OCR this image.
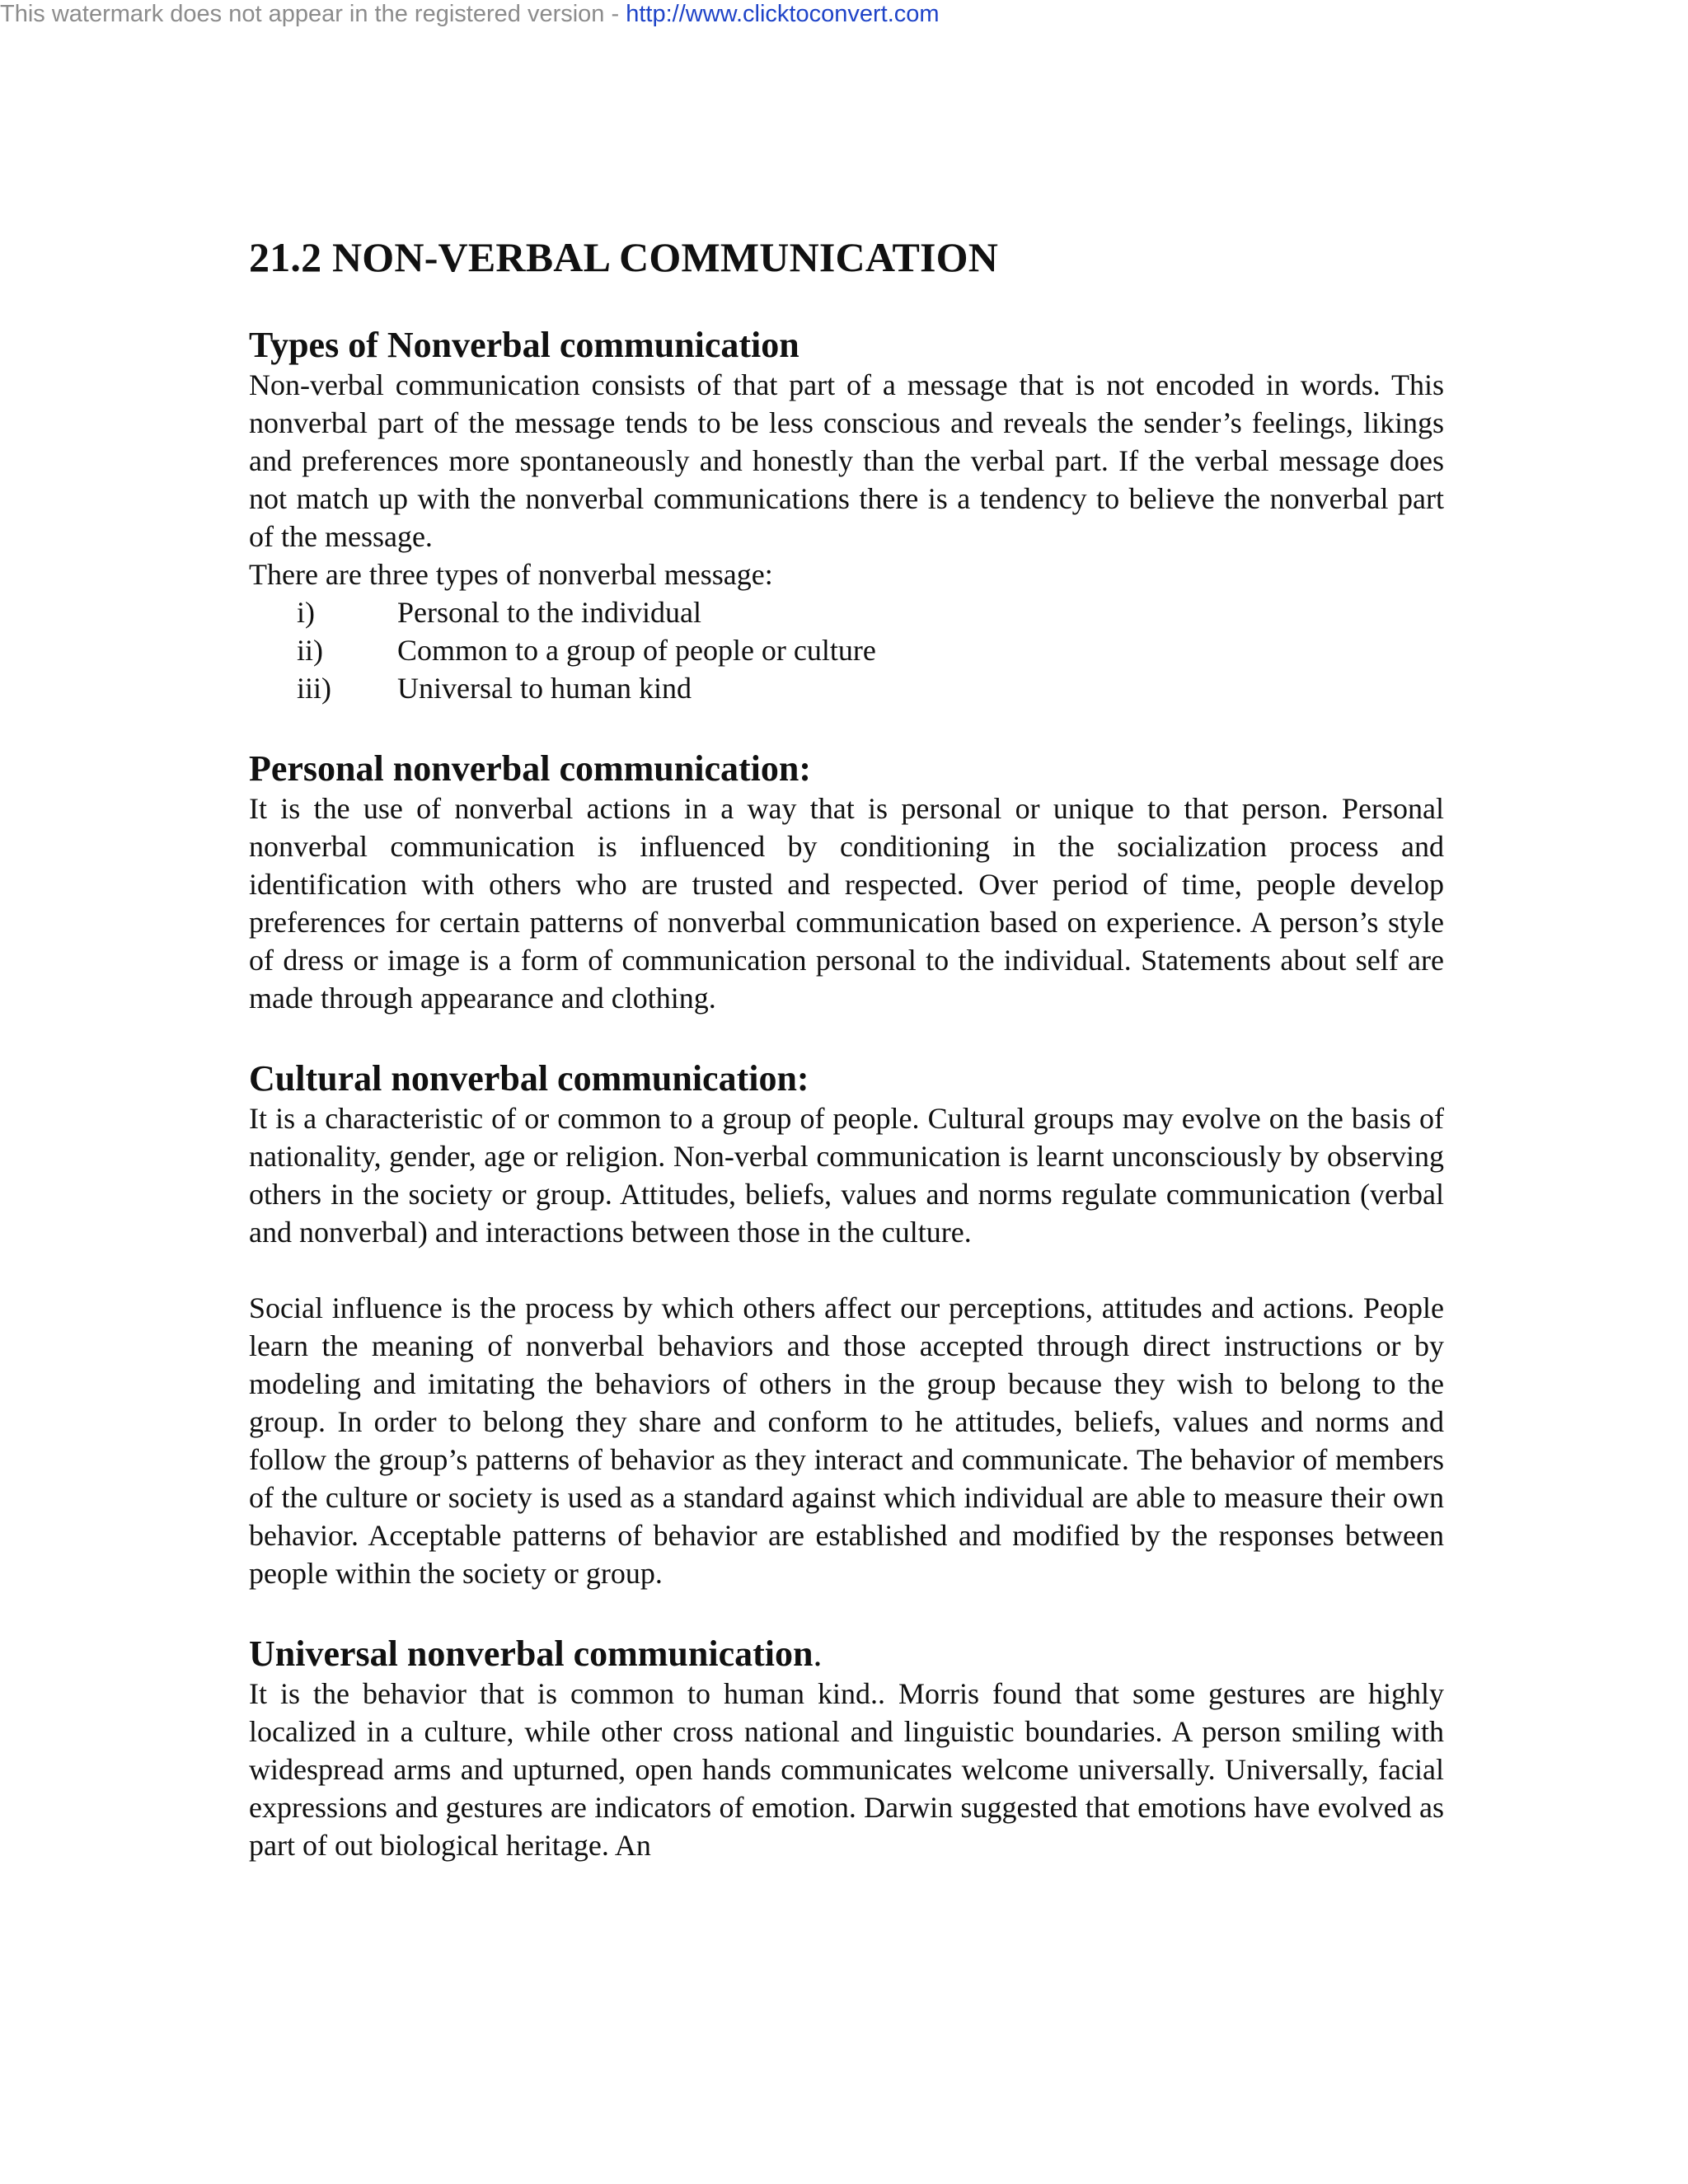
This watermark does not appear in the registered version - http://www.clicktoconvert.com
21.2 NON-VERBAL COMMUNICATION
Types of Nonverbal communication

Non-verbal communication consists of that part of a message that is not encoded in words. This nonverbal part of the message tends to be less conscious and reveals the sender’s feelings, likings and preferences more spontaneously and honestly than the verbal part. If the verbal message does not match up with the nonverbal communications there is a tendency to believe the nonverbal part of the message.

There are three types of nonverbal message:

i)	Personal to the individual
ii)	Common to a group of people or culture
iii)	Universal to human kind
Personal nonverbal communication:

It is the use of nonverbal actions in a way that is personal or unique to that person. Personal nonverbal communication is influenced by conditioning in the socialization process and identification with others who are trusted and respected. Over period of time, people develop preferences for certain patterns of nonverbal communication based on experience. A person’s style of dress or image is a form of communication personal to the individual. Statements about self are made through appearance and clothing.

Cultural nonverbal communication:

It is a characteristic of or common to a group of people. Cultural groups may evolve on the basis of nationality, gender, age or religion. Non-verbal communication is learnt unconsciously by observing others in the society or group. Attitudes, beliefs, values and norms regulate communication (verbal and nonverbal) and interactions between those in the culture.

Social influence is the process by which others affect our perceptions, attitudes and actions. People learn the meaning of nonverbal behaviors and those accepted through direct instructions or by modeling and imitating the behaviors of others in the group because they wish to belong to the group. In order to belong they share and conform to he attitudes, beliefs, values and norms and follow the group’s patterns of behavior as they interact and communicate. The behavior of members of the culture or society is used as a standard against which individual are able to measure their own behavior. Acceptable patterns of behavior are established and modified by the responses between people within the society or group.

Universal nonverbal communication.

It is the behavior that is common to human kind.. Morris found that some gestures are highly localized in a culture, while other cross national and linguistic boundaries. A person smiling with widespread arms and upturned, open hands communicates welcome universally. Universally, facial expressions and gestures are indicators of emotion. Darwin suggested that emotions have evolved as part of out biological heritage. An
